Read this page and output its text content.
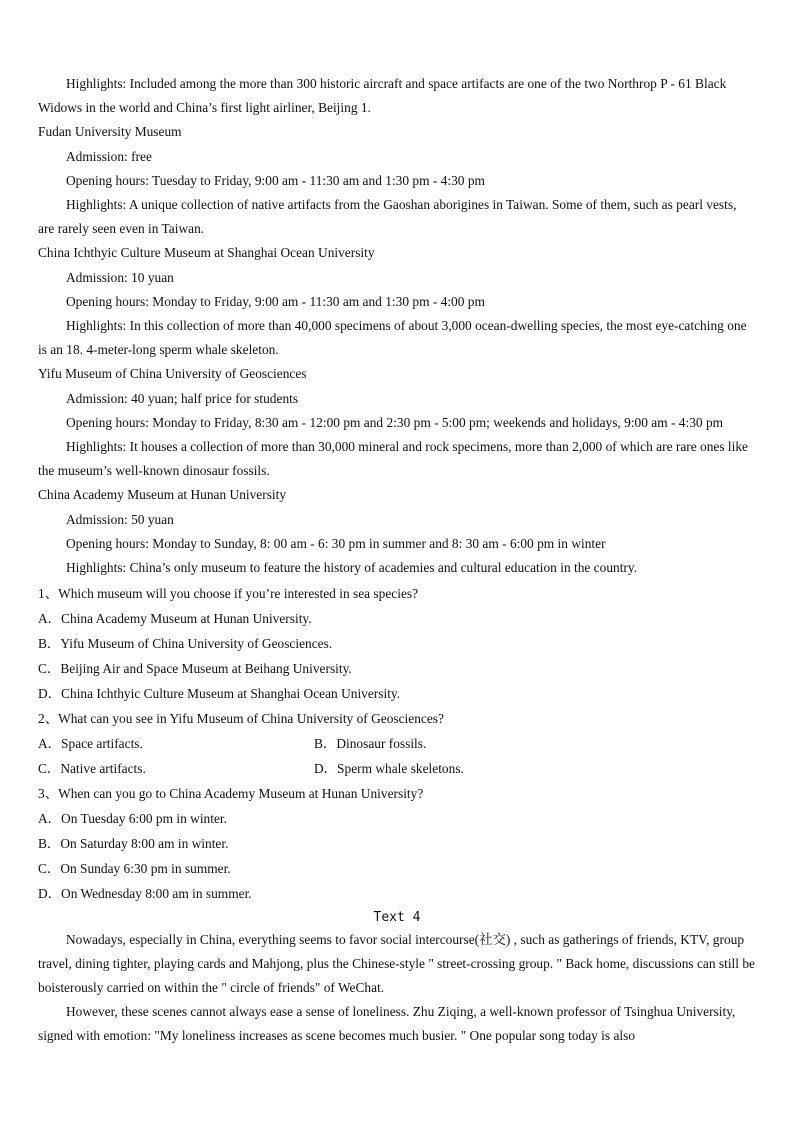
Highlights: Included among the more than 300 historic aircraft and space artifacts are one of the two Northrop P - 61 Black Widows in the world and China’s first light airliner, Beijing 1.

Fudan University Museum

Admission: free

Opening hours: Tuesday to Friday, 9:00 am - 11:30 am and 1:30 pm - 4:30 pm

Highlights: A unique collection of native artifacts from the Gaoshan aborigines in Taiwan. Some of them, such as pearl vests, are rarely seen even in Taiwan.

China Ichthyic Culture Museum at Shanghai Ocean University

Admission: 10 yuan

Opening hours: Monday to Friday, 9:00 am - 11:30 am and 1:30 pm - 4:00 pm

Highlights: In this collection of more than 40,000 specimens of about 3,000 ocean-dwelling species, the most eye-catching one is an 18. 4-meter-long sperm whale skeleton.

Yifu Museum of China University of Geosciences

Admission: 40 yuan; half price for students

Opening hours: Monday to Friday, 8:30 am - 12:00 pm and 2:30 pm - 5:00 pm; weekends and holidays, 9:00 am - 4:30 pm

Highlights: It houses a collection of more than 30,000 mineral and rock specimens, more than 2,000 of which are rare ones like the museum’s well-known dinosaur fossils.

China Academy Museum at Hunan University

Admission: 50 yuan

Opening hours: Monday to Sunday, 8: 00 am - 6: 30 pm in summer and 8: 30 am - 6:00 pm in winter

Highlights: China’s only museum to feature the history of academies and cultural education in the country.

1、Which museum will you choose if you’re interested in sea species?

A．China Academy Museum at Hunan University.

B．Yifu Museum of China University of Geosciences.

C．Beijing Air and Space Museum at Beihang University.

D．China Ichthyic Culture Museum at Shanghai Ocean University.

2、What can you see in Yifu Museum of China University of Geosciences?

A．Space artifacts.	B．Dinosaur fossils.
C．Native artifacts.	D．Sperm whale skeletons.

3、When can you go to China Academy Museum at Hunan University?

A．On Tuesday 6:00 pm in winter.

B．On Saturday 8:00 am in winter.

C．On Sunday 6:30 pm in summer.

D．On Wednesday 8:00 am in summer.

Text 4

Nowadays, especially in China, everything seems to favor social intercourse(社交) , such as gatherings of friends, KTV, group travel, dining tighter, playing cards and Mahjong, plus the Chinese-style " street-crossing group. " Back home, discussions can still be boisterously carried on within the " circle of friends" of WeChat.

However, these scenes cannot always ease a sense of loneliness. Zhu Ziqing, a well-known professor of Tsinghua University, signed with emotion: "My loneliness increases as scene becomes much busier. " One popular song today is also
